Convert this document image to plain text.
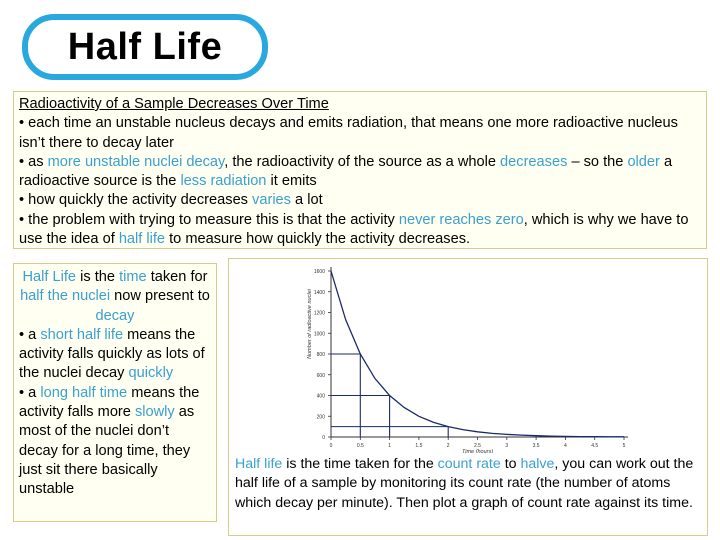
Half Life
Radioactivity of a Sample Decreases Over Time
• each time an unstable nucleus decays and emits radiation, that means one more radioactive nucleus isn’t there to decay later
• as more unstable nuclei decay, the radioactivity of the source as a whole decreases – so the older a radioactive source is the less radiation it emits
• how quickly the activity decreases varies a lot
• the problem with trying to measure this is that the activity never reaches zero, which is why we have to use the idea of half life to measure how quickly the activity decreases.
Half Life is the time taken for half the nuclei now present to decay
• a short half life means the activity falls quickly as lots of the nuclei decay quickly
• a long half time means the activity falls more slowly as most of the nuclei don’t decay for a long time, they just sit there basically unstable
1600
1400
1200
1000
800
600
400
200
0
0	0.5	1	1.5	2	2.5	3	3.5	4	4.5	5
Time (hours)
Number of radioactive nuclei
Half life is the time taken for the count rate to halve, you can work out the half life of a sample by monitoring its count rate (the number of atoms which decay per minute). Then plot a graph of count rate against its time.
